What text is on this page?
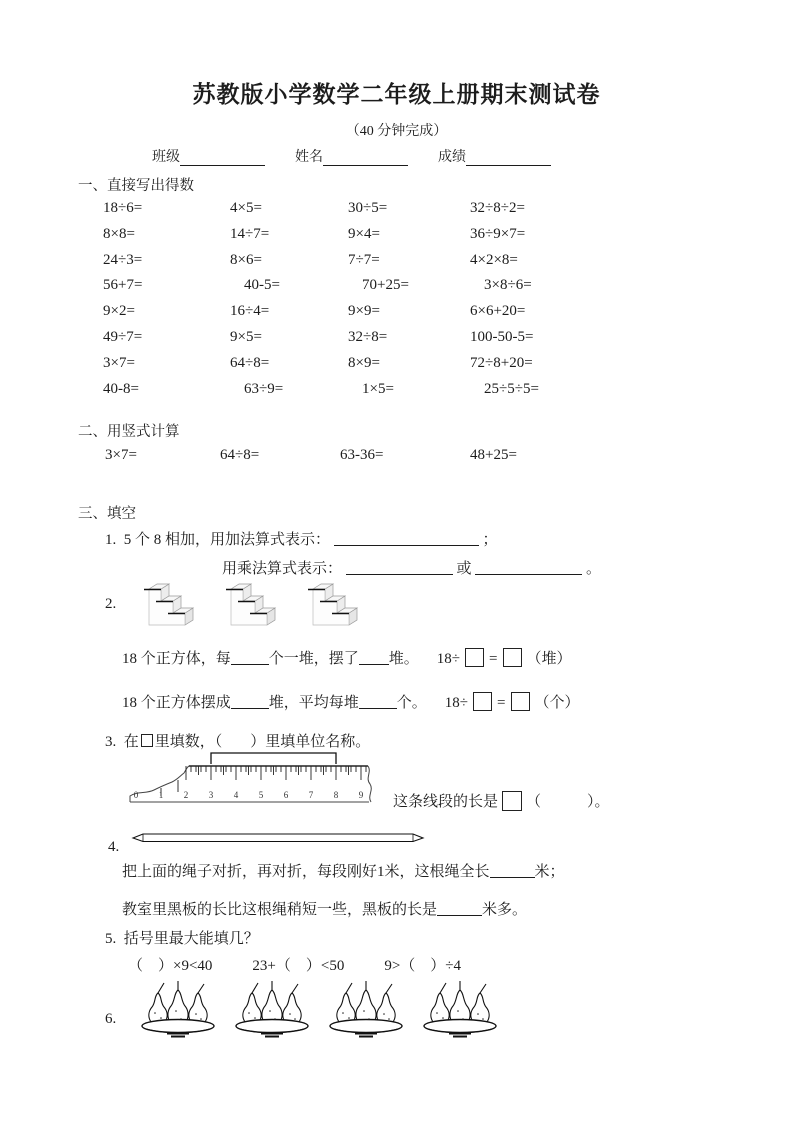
苏教版小学数学二年级上册期末测试卷
（40 分钟完成）
班级	姓名	成绩
一、直接写出得数
18÷6=	4×5=	30÷5=	32÷8÷2=
8×8=	14÷7=	9×4=	36÷9×7=
24÷3=	8×6=	7÷7=	4×2×8=
56+7=	40-5=	70+25=	3×8÷6=
9×2=	16÷4=	9×9=	6×6+20=
49÷7=	9×5=	32÷8=	100-50-5=
3×7=	64÷8=	8×9=	72÷8+20=
40-8=	63÷9=	1×5=	25÷5÷5=
二、用竖式计算
3×7=	64÷8=	63-36=	48+25=
三、填空
1. 5 个 8 相加，用加法算式表示：	；
用乘法算式表示：	或	。
2.
18 个正方体，每	个一堆，摆了 堆。 18÷ = （堆）
18 个正方体摆成	堆，平均每堆	个。 18÷ = （个）
3. 在 里填数，（ ）里填单位名称。
0 1 2 3 4 5 6 7 8 9 这条线段的长是 （	）。
4.
把上面的绳子对折，再对折，每段刚好1米，这根绳全长	米；
教室里黑板的长比这根绳稍短一些，黑板的长是	米多。
5. 括号里最大能填几？
（    ）×9<40	23+（    ）<50	9>（    ）÷4
6.
